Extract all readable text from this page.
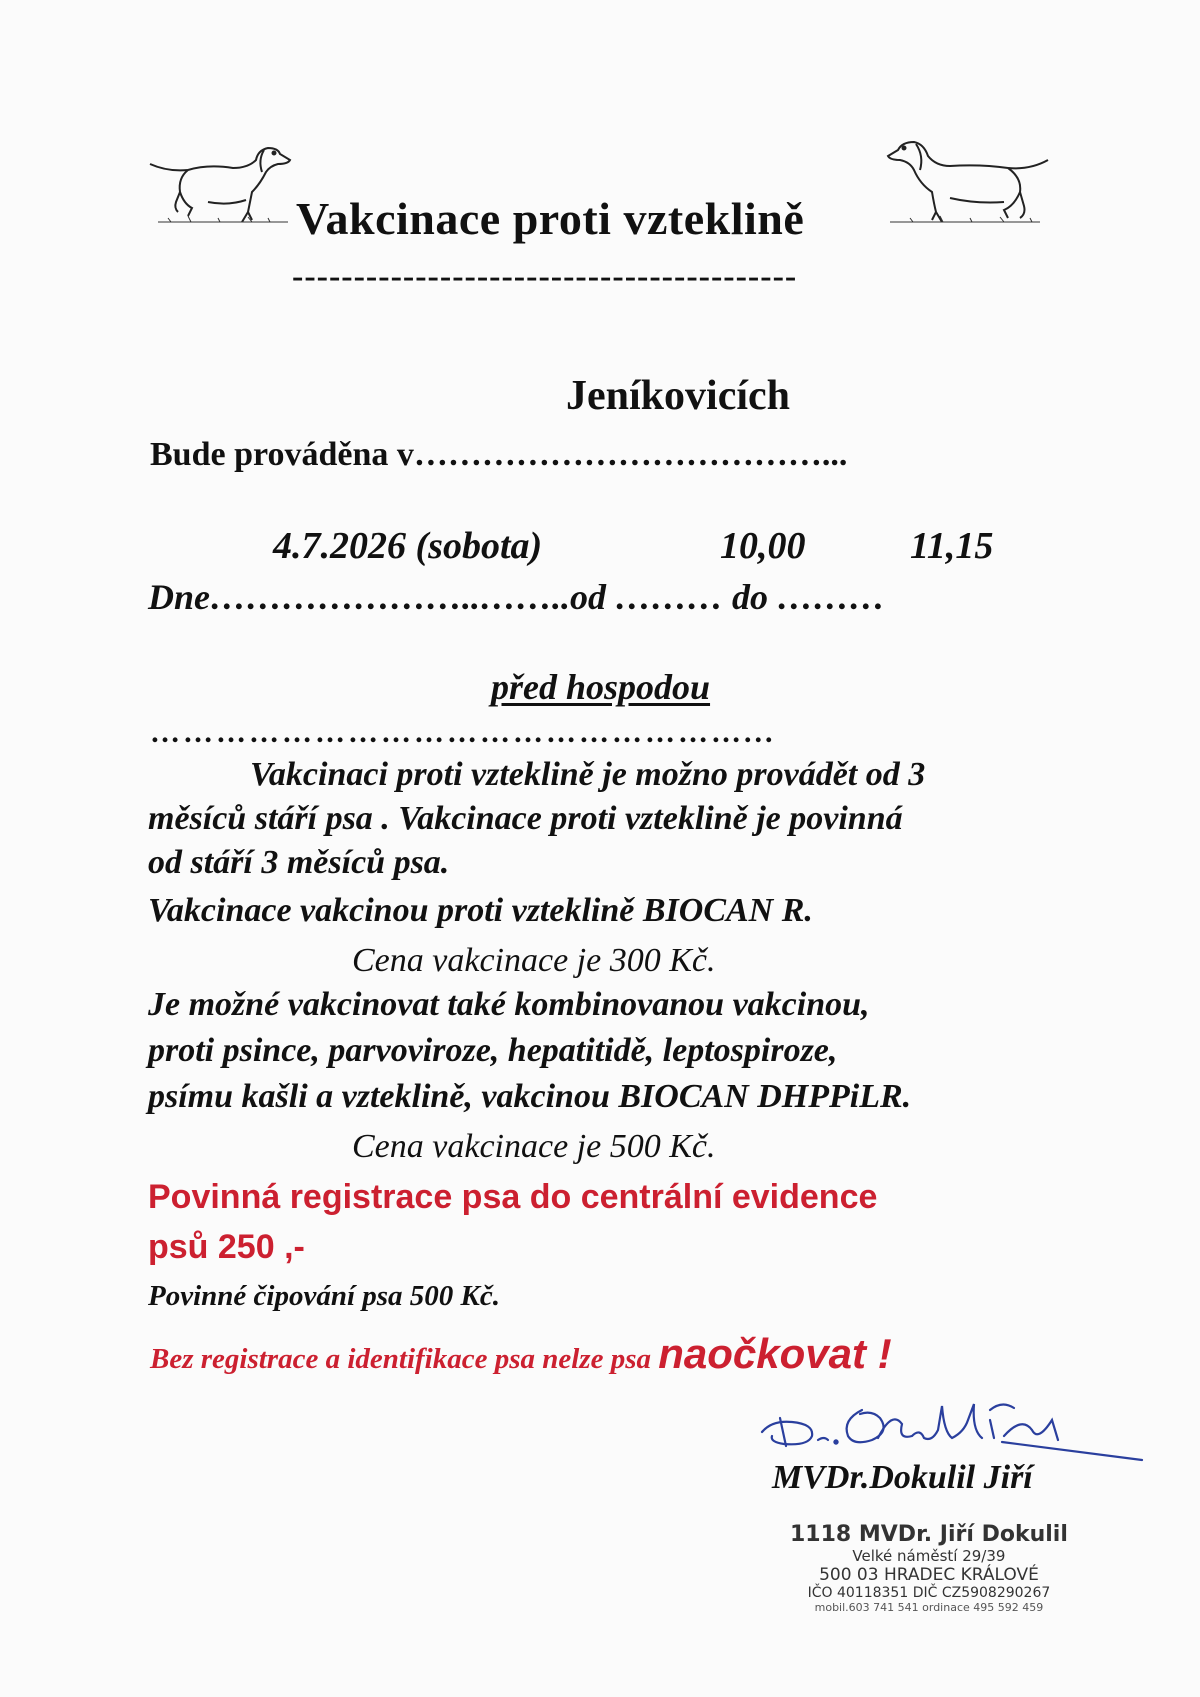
Vakcinace proti vzteklině
-----------------------------------------
Jeníkovicích
Bude prováděna v………………………………...
4.7.2026 (sobota)	10,00	11,15
Dne…………………..……..od ……… do ………
před hospodou
………………………………………………...
Vakcinaci proti vzteklině je možno provádět od 3
měsíců stáří psa . Vakcinace proti vzteklině je povinná
od stáří 3 měsíců psa.
Vakcinace vakcinou proti vzteklině BIOCAN R.
Cena vakcinace je 300 Kč.
Je možné vakcinovat také kombinovanou vakcinou,
proti psince, parvoviroze, hepatitidě, leptospiroze,
psímu kašli a vzteklině, vakcinou BIOCAN DHPPiLR.
Cena vakcinace je 500 Kč.
Povinná registrace psa do centrální evidence
psů 250 ,-
Povinné čipování psa 500 Kč.
Bez registrace a identifikace psa nelze psa naočkovat !
MVDr.Dokulil Jiří
1118 MVDr. Jiří Dokulil
Velké náměstí 29/39
500 03 HRADEC KRÁLOVÉ
IČO 40118351 DIČ CZ5908290267
mobil.603 741 541 ordinace 495 592 459
